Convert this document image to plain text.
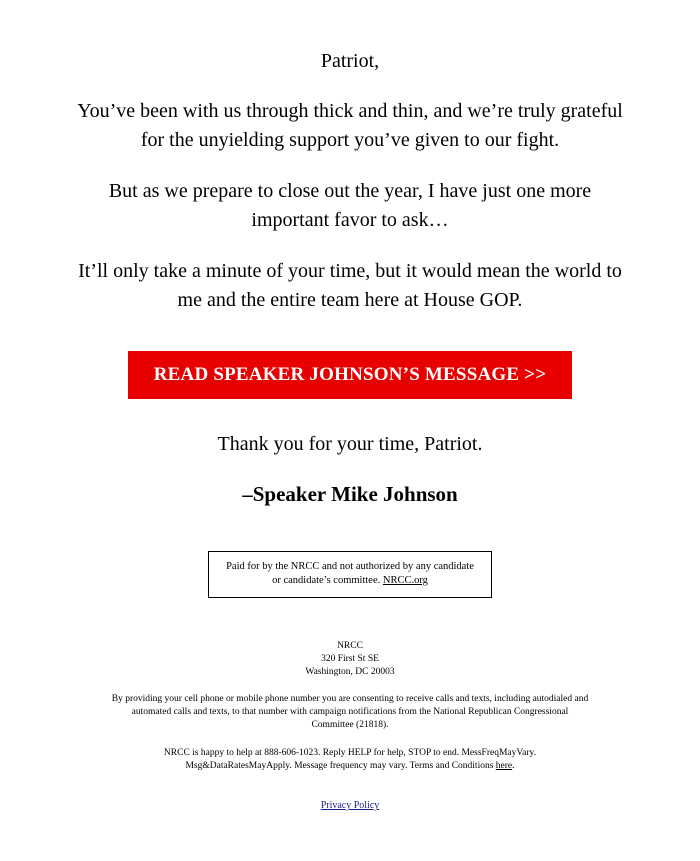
Patriot,

You’ve been with us through thick and thin, and we’re truly grateful for the unyielding support you’ve given to our fight.

But as we prepare to close out the year, I have just one more important favor to ask…

It’ll only take a minute of your time, but it would mean the world to me and the entire team here at House GOP.

READ SPEAKER JOHNSON’S MESSAGE >>

Thank you for your time, Patriot.

–Speaker Mike Johnson

Paid for by the NRCC and not authorized by any candidate or candidate’s committee. NRCC.org
NRCC
320 First St SE
Washington, DC 20003
By providing your cell phone or mobile phone number you are consenting to receive calls and texts, including autodialed and automated calls and texts, to that number with campaign notifications from the National Republican Congressional Committee (21818).
NRCC is happy to help at 888-606-1023. Reply HELP for help, STOP to end. MessFreqMayVary. Msg&DataRatesMayApply. Message frequency may vary. Terms and Conditions here.
Privacy Policy
